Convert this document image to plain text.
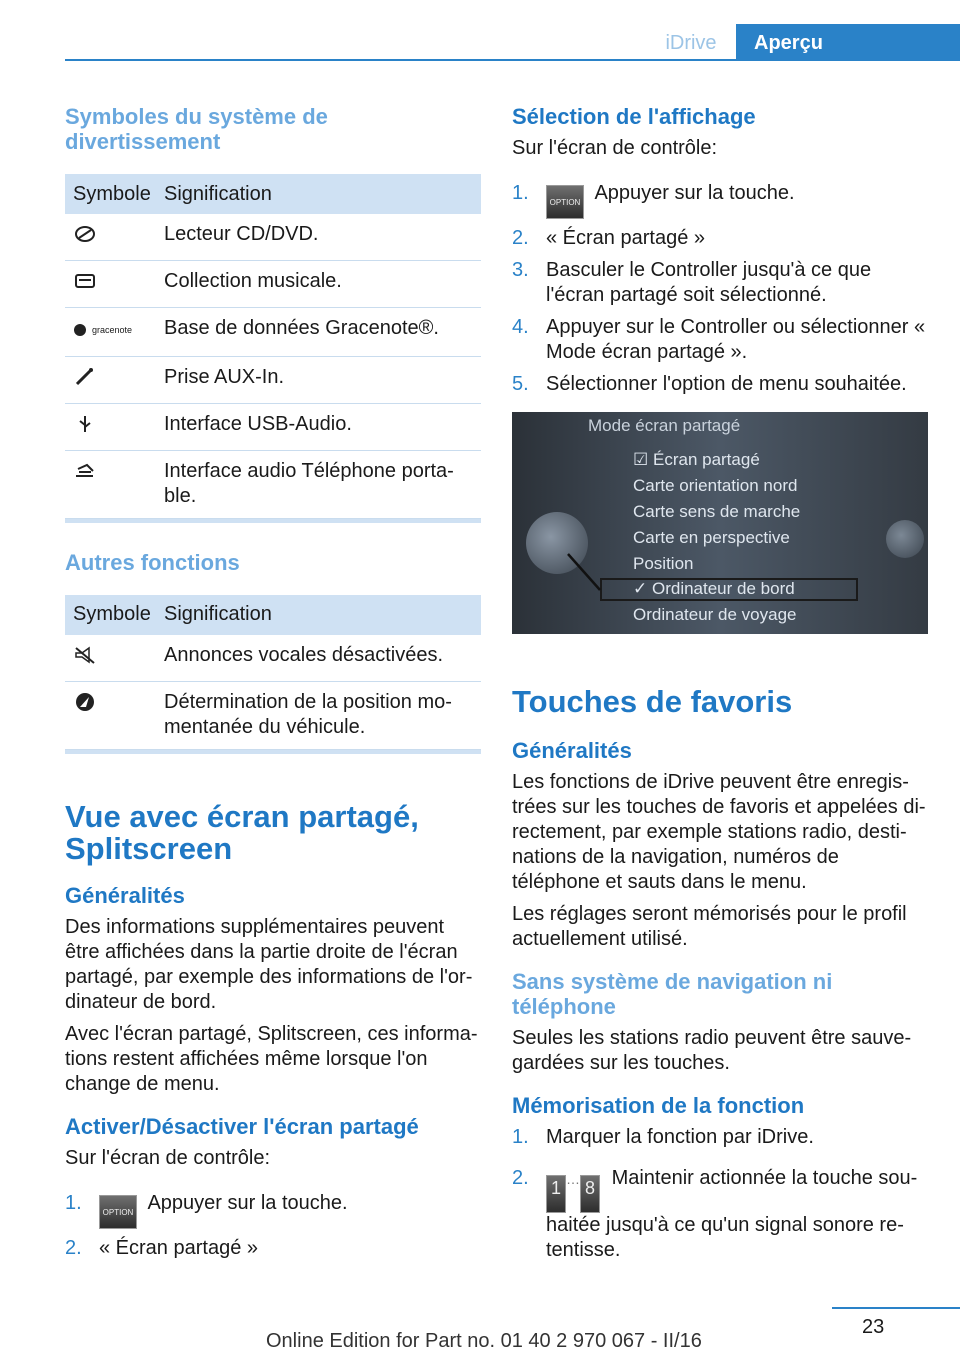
iDrive	Aperçu
Symboles du système de divertissement
Symbole	Signification
	Lecteur CD/DVD.
	Collection musicale.

gracenote	Base de données Gracenote®.
	Prise AUX-In.
	Interface USB-Audio.
	Interface audio Téléphone porta-ble.
Autres fonctions
Symbole	Signification
	Annonces vocales désactivées.
	Détermination de la position mo-mentanée du véhicule.
Vue avec écran partagé, Splitscreen
Généralités

Des informations supplémentaires peuvent être affichées dans la partie droite de l'écran partagé, par exemple des informations de l'or-dinateur de bord.

Avec l'écran partagé, Splitscreen, ces informa-tions restent affichées même lorsque l'on change de menu.

Activer/Désactiver l'écran partagé

Sur l'écran de contrôle:

1.	OPTION Appuyer sur la touche.
2. « Écran partagé »
Sélection de l'affichage

Sur l'écran de contrôle:

1.	OPTION Appuyer sur la touche.
2. « Écran partagé »
3. Basculer le Controller jusqu'à ce que l'écran partagé soit sélectionné.
4. Appuyer sur le Controller ou sélectionner « Mode écran partagé ».
5. Sélectionner l'option de menu souhaitée.
Mode écran partagé
☑ Écran partagé
Carte orientation nord
Carte sens de marche
Carte en perspective
Position
✓ Ordinateur de bord
Ordinateur de voyage
Touches de favoris
Généralités

Les fonctions de iDrive peuvent être enregis-trées sur les touches de favoris et appelées di-rectement, par exemple stations radio, desti-nations de la navigation, numéros de téléphone et sauts dans le menu.

Les réglages seront mémorisés pour le profil actuellement utilisé.

Sans système de navigation ni téléphone

Seules les stations radio peuvent être sauve-gardées sur les touches.

Mémorisation de la fonction
1. Marquer la fonction par iDrive.
2. 1 … 8 Maintenir actionnée la touche sou-haitée jusqu'à ce qu'un signal sonore re-tentisse.
23
Online Edition for Part no. 01 40 2 970 067 - II/16
